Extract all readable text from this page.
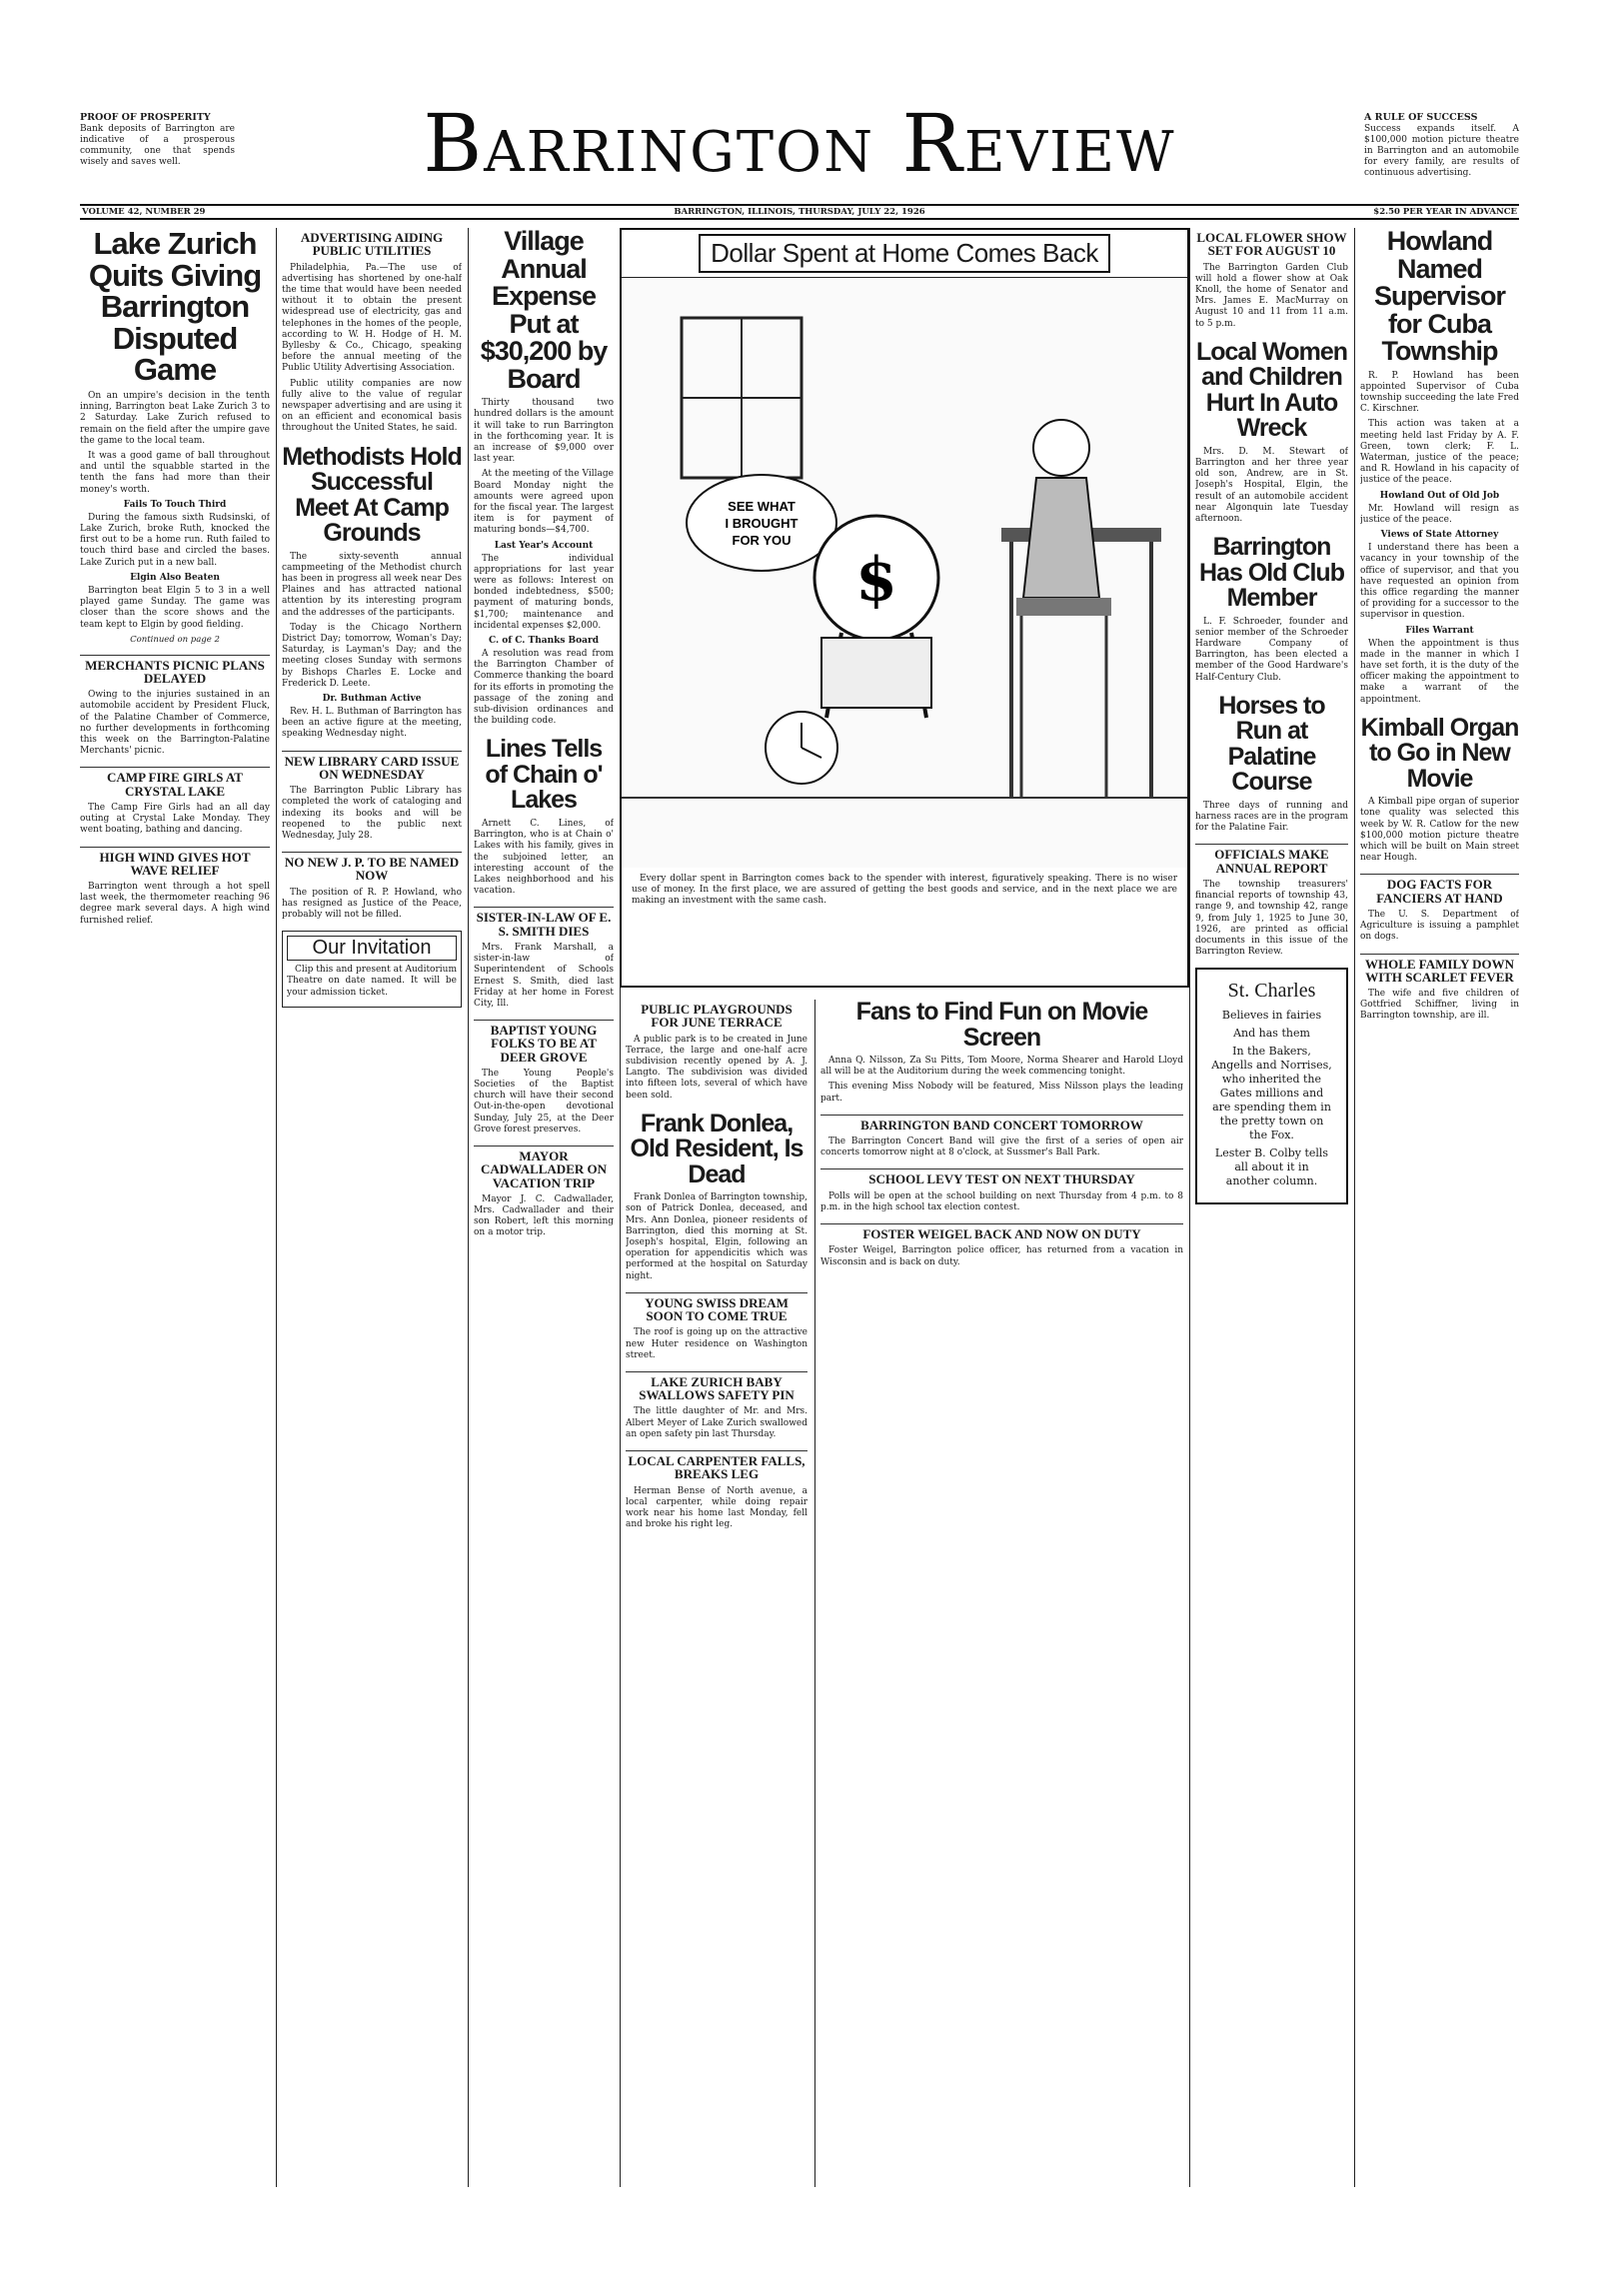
PROOF OF PROSPERITY
Bank deposits of Barrington are indicative of a prosperous community, one that spends wisely and saves well.	Barrington Review	A RULE OF SUCCESS
Success expands itself. A $100,000 motion picture theatre in Barrington and an automobile for every family, are results of continuous advertising.
VOLUME 42, NUMBER 29	BARRINGTON, ILLINOIS, THURSDAY, JULY 22, 1926	$2.50 PER YEAR IN ADVANCE
Lake Zurich Quits Giving Barrington Disputed Game

On an umpire's decision in the tenth inning, Barrington beat Lake Zurich 3 to 2 Saturday. Lake Zurich refused to remain on the field after the umpire gave the game to the local team.

It was a good game of ball throughout and until the squabble started in the tenth the fans had more than their money's worth.

Fails To Touch Third

During the famous sixth Rudsinski, of Lake Zurich, broke Ruth, knocked the first out to be a home run. Ruth failed to touch third base and circled the bases. Lake Zurich put in a new ball.

Elgin Also Beaten

Barrington beat Elgin 5 to 3 in a well played game Sunday. The game was closer than the score shows and the team kept to Elgin by good fielding.

Continued on page 2
MERCHANTS PICNIC PLANS DELAYED

Owing to the injuries sustained in an automobile accident by President Fluck, of the Palatine Chamber of Commerce, no further developments in forthcoming this week on the Barrington-Palatine Merchants' picnic.

CAMP FIRE GIRLS AT CRYSTAL LAKE

The Camp Fire Girls had an all day outing at Crystal Lake Monday. They went boating, bathing and dancing.

HIGH WIND GIVES HOT WAVE RELIEF

Barrington went through a hot spell last week, the thermometer reaching 96 degree mark several days. A high wind furnished relief.

ADVERTISING AIDING PUBLIC UTILITIES

Philadelphia, Pa.—The use of advertising has shortened by one-half the time that would have been needed without it to obtain the present widespread use of electricity, gas and telephones in the homes of the people, according to W. H. Hodge of H. M. Byllesby & Co., Chicago, speaking before the annual meeting of the Public Utility Advertising Association.

Public utility companies are now fully alive to the value of regular newspaper advertising and are using it on an efficient and economical basis throughout the United States, he said.

Methodists Hold Successful Meet At Camp Grounds

The sixty-seventh annual campmeeting of the Methodist church has been in progress all week near Des Plaines and has attracted national attention by its interesting program and the addresses of the participants.

Today is the Chicago Northern District Day; tomorrow, Woman's Day; Saturday, is Layman's Day; and the meeting closes Sunday with sermons by Bishops Charles E. Locke and Frederick D. Leete.

Dr. Buthman Active

Rev. H. L. Buthman of Barrington has been an active figure at the meeting, speaking Wednesday night.

NEW LIBRARY CARD ISSUE ON WEDNESDAY

The Barrington Public Library has completed the work of cataloging and indexing its books and will be reopened to the public next Wednesday, July 28.

NO NEW J. P. TO BE NAMED NOW

The position of R. P. Howland, who has resigned as Justice of the Peace, probably will not be filled.

Our Invitation

Clip this and present at Auditorium Theatre on date named. It will be your admission ticket.

Village Annual Expense Put at $30,200 by Board

Thirty thousand two hundred dollars is the amount it will take to run Barrington in the forthcoming year. It is an increase of $9,000 over last year.

At the meeting of the Village Board Monday night the amounts were agreed upon for the fiscal year. The largest item is for payment of maturing bonds—$4,700.

Last Year's Account

The individual appropriations for last year were as follows: Interest on bonded indebtedness, $500; payment of maturing bonds, $1,700; maintenance and incidental expenses $2,000.

C. of C. Thanks Board

A resolution was read from the Barrington Chamber of Commerce thanking the board for its efforts in promoting the passage of the zoning and sub-division ordinances and the building code.

Lines Tells of Chain o' Lakes

Arnett C. Lines, of Barrington, who is at Chain o' Lakes with his family, gives in the subjoined letter, an interesting account of the Lakes neighborhood and his vacation.

SISTER-IN-LAW OF E. S. SMITH DIES

Mrs. Frank Marshall, a sister-in-law of Superintendent of Schools Ernest S. Smith, died last Friday at her home in Forest City, Ill.

BAPTIST YOUNG FOLKS TO BE AT DEER GROVE

The Young People's Societies of the Baptist church will have their second Out-in-the-open devotional Sunday, July 25, at the Deer Grove forest preserves.

MAYOR CADWALLADER ON VACATION TRIP

Mayor J. C. Cadwallader, Mrs. Cadwallader and their son Robert, left this morning on a motor trip.

Dollar Spent at Home Comes Back
SEE WHAT
I BROUGHT
FOR YOU
$

Every dollar spent in Barrington comes back to the spender with interest, figuratively speaking. There is no wiser use of money. In the first place, we are assured of getting the best goods and service, and in the next place we are making an investment with the same cash.

PUBLIC PLAYGROUNDS FOR JUNE TERRACE

A public park is to be created in June Terrace, the large and one-half acre subdivision recently opened by A. J. Langto. The subdivision was divided into fifteen lots, several of which have been sold.

Frank Donlea, Old Resident, Is Dead

Frank Donlea of Barrington township, son of Patrick Donlea, deceased, and Mrs. Ann Donlea, pioneer residents of Barrington, died this morning at St. Joseph's hospital, Elgin, following an operation for appendicitis which was performed at the hospital on Saturday night.

YOUNG SWISS DREAM SOON TO COME TRUE

The roof is going up on the attractive new Huter residence on Washington street.

LAKE ZURICH BABY SWALLOWS SAFETY PIN

The little daughter of Mr. and Mrs. Albert Meyer of Lake Zurich swallowed an open safety pin last Thursday.

LOCAL CARPENTER FALLS, BREAKS LEG

Herman Bense of North avenue, a local carpenter, while doing repair work near his home last Monday, fell and broke his right leg.

Fans to Find Fun on Movie Screen

Anna Q. Nilsson, Za Su Pitts, Tom Moore, Norma Shearer and Harold Lloyd all will be at the Auditorium during the week commencing tonight.

This evening Miss Nobody will be featured, Miss Nilsson plays the leading part.

BARRINGTON BAND CONCERT TOMORROW

The Barrington Concert Band will give the first of a series of open air concerts tomorrow night at 8 o'clock, at Sussmer's Ball Park.

SCHOOL LEVY TEST ON NEXT THURSDAY

Polls will be open at the school building on next Thursday from 4 p.m. to 8 p.m. in the high school tax election contest.

FOSTER WEIGEL BACK AND NOW ON DUTY

Foster Weigel, Barrington police officer, has returned from a vacation in Wisconsin and is back on duty.

LOCAL FLOWER SHOW SET FOR AUGUST 10

The Barrington Garden Club will hold a flower show at Oak Knoll, the home of Senator and Mrs. James E. MacMurray on August 10 and 11 from 11 a.m. to 5 p.m.

Local Women and Children Hurt In Auto Wreck

Mrs. D. M. Stewart of Barrington and her three year old son, Andrew, are in St. Joseph's Hospital, Elgin, the result of an automobile accident near Algonquin late Tuesday afternoon.

Barrington Has Old Club Member

L. F. Schroeder, founder and senior member of the Schroeder Hardware Company of Barrington, has been elected a member of the Good Hardware's Half-Century Club.

Horses to Run at Palatine Course

Three days of running and harness races are in the program for the Palatine Fair.

OFFICIALS MAKE ANNUAL REPORT

The township treasurers' financial reports of township 43, range 9, and township 42, range 9, from July 1, 1925 to June 30, 1926, are printed as official documents in this issue of the Barrington Review.

St. Charles

Believes in fairies

And has them

In the Bakers, Angells and Norrises, who inherited the Gates millions and are spending them in the pretty town on the Fox.

Lester B. Colby tells all about it in another column.

Howland Named Supervisor for Cuba Township

R. P. Howland has been appointed Supervisor of Cuba township succeeding the late Fred C. Kirschner.

This action was taken at a meeting held last Friday by A. F. Green, town clerk; F. L. Waterman, justice of the peace; and R. Howland in his capacity of justice of the peace.

Howland Out of Old Job

Mr. Howland will resign as justice of the peace.

Views of State Attorney

I understand there has been a vacancy in your township of the office of supervisor, and that you have requested an opinion from this office regarding the manner of providing for a successor to the supervisor in question.

Files Warrant

When the appointment is thus made in the manner in which I have set forth, it is the duty of the officer making the appointment to make a warrant of the appointment.

Kimball Organ to Go in New Movie

A Kimball pipe organ of superior tone quality was selected this week by W. R. Catlow for the new $100,000 motion picture theatre which will be built on Main street near Hough.

DOG FACTS FOR FANCIERS AT HAND

The U. S. Department of Agriculture is issuing a pamphlet on dogs.

WHOLE FAMILY DOWN WITH SCARLET FEVER

The wife and five children of Gottfried Schiffner, living in Barrington township, are ill.
